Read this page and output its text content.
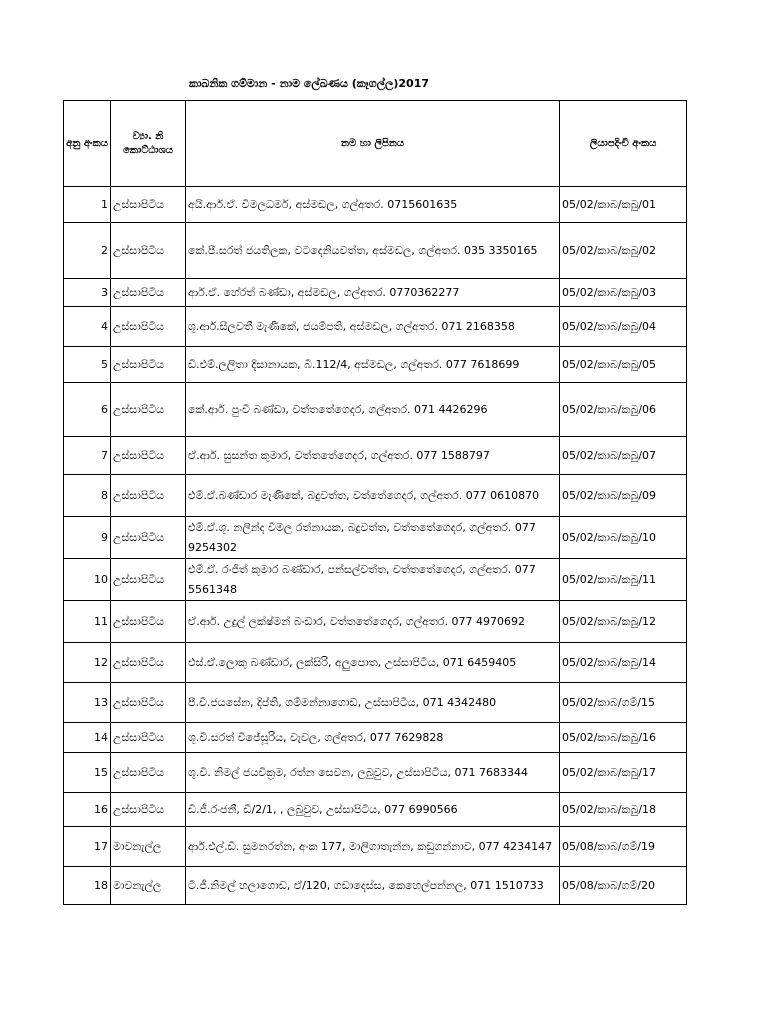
කාබනික ගම්මාන - නාම ලේඛණය (කෑගල්ල)2017
අනු අංකය	ව්‍යා. නි කොට්ඨාශය	නම හා ලිපිනය	ලියාපදිංචි අංකය
1	උස්සාපිටිය	අයි.ආර්.ඒ. විමලධර්ම, අස්මඩල, ගල්අතර. 0715601635	05/02/කාබ/කබු/01
2	උස්සාපිටිය	කේ.පී.සරත් ජයතිලක, වටදෙනියවත්ත, අස්මඩල, ගල්අතර. 035 3350165	05/02/කාබ/කබු/02
3	උස්සාපිටිය	ආර්.ඒ. හේරත් බණ්ඩා, අස්මඩල, ගල්අතර. 0770362277	05/02/කාබ/කබු/03
4	උස්සාපිටිය	ශූ.ආර්.සීලවතී මැණිකේ, ජයම්පති, අස්මඩල, ගල්අතර. 071 2168358	05/02/කාබ/කබු/04
5	උස්සාපිටිය	ඩී.එම්.ලලිතා දිසානායක, බී.112/4, අස්මඩල, ගල්අතර. 077 7618699	05/02/කාබ/කබු/05
6	උස්සාපිටිය	කේ.ආර්. පුංචි බණ්ඩා, වත්තතේගෙදර, ගල්අතර. 071 4426296	05/02/කාබ/කබු/06
7	උස්සාපිටිය	ඒ.ආර්. සුසන්ත කුමාර, වත්තතේගෙදර, ගල්අතර. 077 1588797	05/02/කාබ/කබු/07
8	උස්සාපිටිය	එම්.ඒ.බණ්ඩාර මැණිකේ, බදුවත්ත, වත්තේගෙදර, ගල්අතර. 077 0610870	05/02/කාබ/කබු/09
9	උස්සාපිටිය	එම්.ඒ.ශූ. නලින්ද වීමල රත්නායක, බදුවත්ත, වත්තතේගෙදර, ගල්අතර. 077 9254302	05/02/කාබ/කබු/10
10	උස්සාපිටිය	එම්.ඒ. රංජිත් කුමාර බණ්ඩාර, පන්සල්වත්ත, වත්තතේගෙදර, ගල්අතර. 077 5561348	05/02/කාබ/කබු/11
11	උස්සාපිටිය	ඒ.ආර්. උදුල් ලක්ෂ්මන් බංඩාර, වත්තතේගෙදර, ගල්අතර. 077 4970692	05/02/කාබ/කබු/12
12	උස්සාපිටිය	එස්.ඒ.ලොකු බණ්ඩාර, ලක්සිරි, අලුපොත, උස්සාපිටිය, 071 6459405	05/02/කාබ/කබු/14
13	උස්සාපිටිය	පී.වී.ජයසේන, දිප්ති, ගම්මන්නාගොඩ, උස්සාපිටිය, 071 4342480	05/02/කාබ/ගම්/15
14	උස්සාපිටිය	ශූ.වී.සරත් විජේසූරිය, වැවල, ගල්අතර, 077 7629828	05/02/කාබ/කබු/16
15	උස්සාපිටිය	ශූ.වී. නිමල් ජයවික්‍රම, රත්න සෙවන, ලබුවුව, උස්සාපිටිය, 071 7683344	05/02/කාබ/කබු/17
16	උස්සාපිටිය	ඩී.ජී.රංජනී, ඩී/2/1, , ලබුවුව, උස්සාපිටිය, 077 6990566	05/02/කාබ/කබු/18
17	මාවනැල්ල	ආර්.එල්.ඩී. සුමනරත්න, අංක 177, මාලිගාතැන්න, කඩුගන්නාව, 077 4234147	05/08/කාබ/ගම්/19
18	මාවනැල්ල	ටී.ජී.නිමල් හලාගොඩ, ඒ/120, ගඩාදෙස්ස, කෙහෙල්පන්නල, 071 1510733	05/08/කාබ/ගම්/20
